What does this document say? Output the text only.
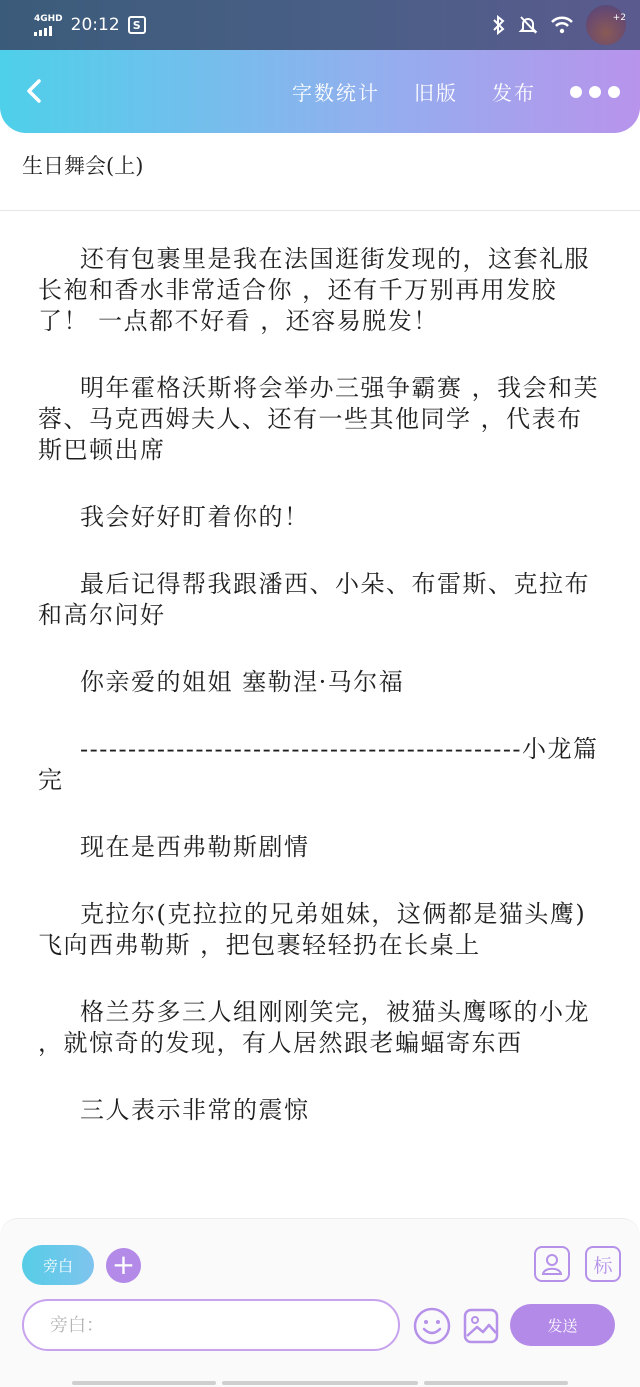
4GHD 20:12	S
+2
字数统计 旧版 发布
生日舞会(上)

还有包裹里是我在法国逛街发现的，这套礼服长袍和香水非常适合你 ，还有千万别再用发胶了！ 一点都不好看 ，还容易脱发！

明年霍格沃斯将会举办三强争霸赛 ，我会和芙蓉、马克西姆夫人、还有一些其他同学 ，代表布斯巴顿出席

我会好好盯着你的！

最后记得帮我跟潘西、小朵、布雷斯、克拉布和高尔问好

你亲爱的姐姐 塞勒涅·马尔福

----------------------------------------------小龙篇完

现在是西弗勒斯剧情

克拉尔(克拉拉的兄弟姐妹，这俩都是猫头鹰)飞向西弗勒斯 ，把包裹轻轻扔在长桌上

格兰芬多三人组刚刚笑完，被猫头鹰啄的小龙 ，就惊奇的发现，有人居然跟老蝙蝠寄东西

三人表示非常的震惊

旁白	+	标
旁白：
发送
